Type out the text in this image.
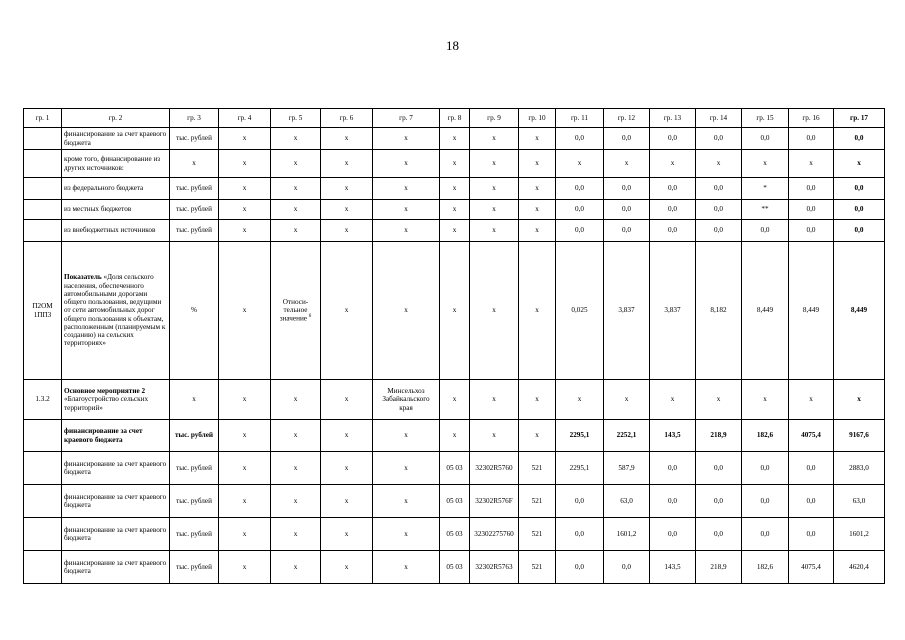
18
гр. 1	гр. 2	гр. 3	гр. 4	гр. 5	гр. 6	гр. 7	гр. 8	гр. 9	гр. 10	гр. 11	гр. 12	гр. 13	гр. 14	гр. 15	гр. 16	гр. 17
	финансирование за счет краевого бюджета	тыс. рублей	x	x	x	x	x	x	x	0,0	0,0	0,0	0,0	0,0	0,0	0,0
	кроме того, финансирование из других источников:	x	x	x	x	x	x	x	x	x	x	x	x	x	x	x
	из федерального бюджета	тыс. рублей	x	x	x	x	x	x	x	0,0	0,0	0,0	0,0	*	0,0	0,0
	из местных бюджетов	тыс. рублей	x	x	x	x	x	x	x	0,0	0,0	0,0	0,0	**	0,0	0,0
	из внебюджетных источников	тыс. рублей	x	x	x	x	x	x	x	0,0	0,0	0,0	0,0	0,0	0,0	0,0
П2ОМ 1ПП3	Показатель «Доля сельского населения, обеспеченного автомобильными дорогами общего пользования, ведущими от сети автомобильных дорог общего пользования к объектам, расположенным (планируемым к созданию) на сельских территориях»	%	x	Относи-тельное значение $^6$	x	x	x	x	x	0,025	3,837	3,837	8,182	8,449	8,449	8,449
1.3.2	Основное мероприятие 2 «Благоустройство сельских территорий»	x	x	x	x	Минсельхоз Забайкальского края	x	x	x	x	x	x	x	x	x	x
	финансирование за счет краевого бюджета	тыс. рублей	x	x	x	x	x	x	x	2295,1	2252,1	143,5	218,9	182,6	4075,4	9167,6
	финансирование за счет краевого бюджета	тыс. рублей	x	x	x	x	05 03	32302R5760	521	2295,1	587,9	0,0	0,0	0,0	0,0	2883,0
	финансирование за счет краевого бюджета	тыс. рублей	x	x	x	x	05 03	32302R576F	521	0,0	63,0	0,0	0,0	0,0	0,0	63,0
	финансирование за счет краевого бюджета	тыс. рублей	x	x	x	x	05 03	32302275760	521	0,0	1601,2	0,0	0,0	0,0	0,0	1601,2
	финансирование за счет краевого бюджета	тыс. рублей	x	x	x	x	05 03	32302R5763	521	0,0	0,0	143,5	218,9	182,6	4075,4	4620,4
